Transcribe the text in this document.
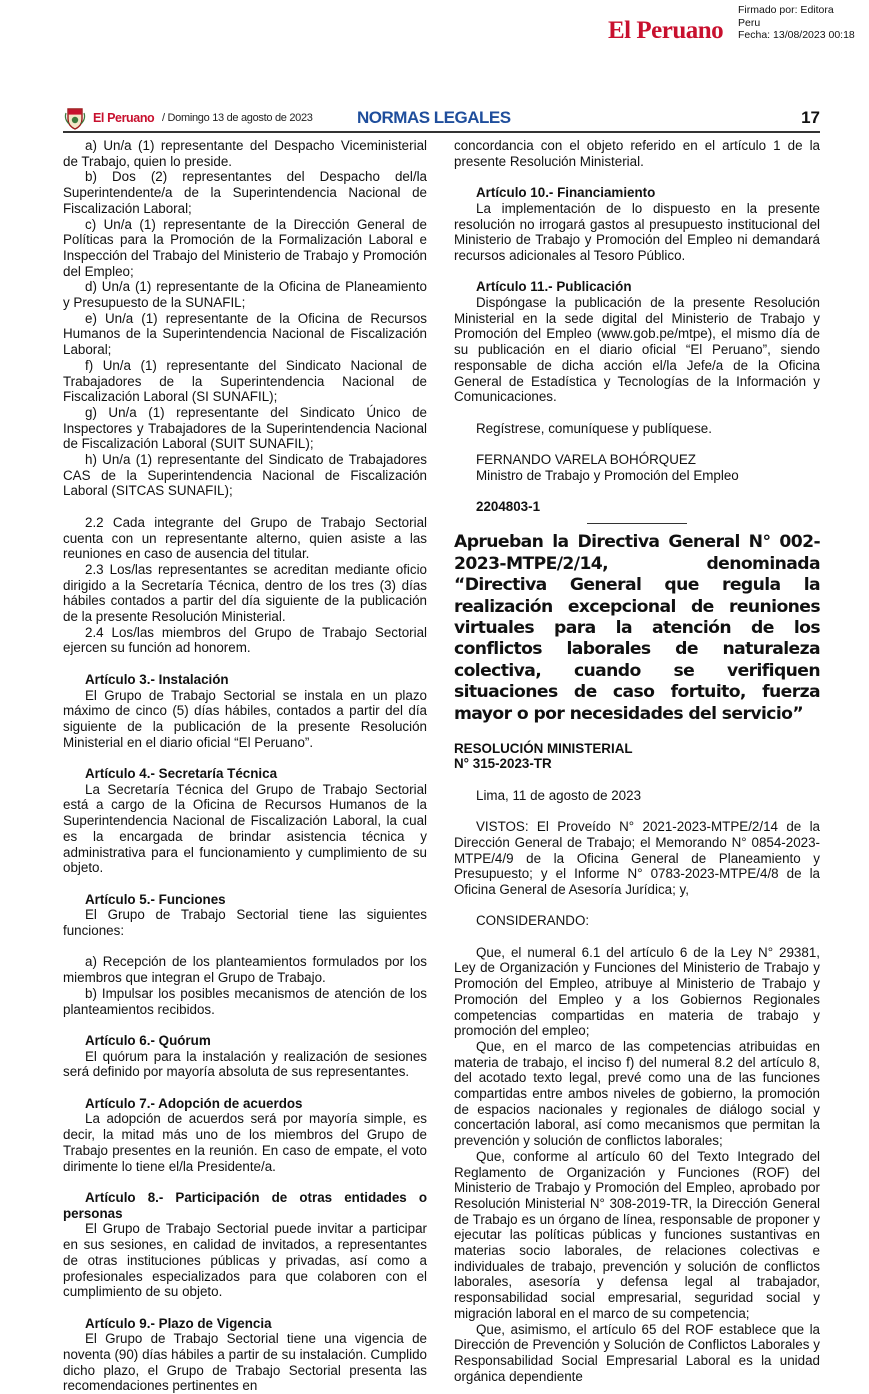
El Peruano
Firmado por: Editora
Peru
Fecha: 13/08/2023 00:18
El Peruano / Domingo 13 de agosto de 2023	NORMAS LEGALES	17

a) Un/a (1) representante del Despacho Viceministerial de Trabajo, quien lo preside.

b) Dos (2) representantes del Despacho del/la Superintendente/a de la Superintendencia Nacional de Fiscalización Laboral;

c) Un/a (1) representante de la Dirección General de Políticas para la Promoción de la Formalización Laboral e Inspección del Trabajo del Ministerio de Trabajo y Promoción del Empleo;

d) Un/a (1) representante de la Oficina de Planeamiento y Presupuesto de la SUNAFIL;

e) Un/a (1) representante de la Oficina de Recursos Humanos de la Superintendencia Nacional de Fiscalización Laboral;

f) Un/a (1) representante del Sindicato Nacional de Trabajadores de la Superintendencia Nacional de Fiscalización Laboral (SI SUNAFIL);

g) Un/a (1) representante del Sindicato Único de Inspectores y Trabajadores de la Superintendencia Nacional de Fiscalización Laboral (SUIT SUNAFIL);

h) Un/a (1) representante del Sindicato de Trabajadores CAS de la Superintendencia Nacional de Fiscalización Laboral (SITCAS SUNAFIL);

2.2 Cada integrante del Grupo de Trabajo Sectorial cuenta con un representante alterno, quien asiste a las reuniones en caso de ausencia del titular.

2.3 Los/las representantes se acreditan mediante oficio dirigido a la Secretaría Técnica, dentro de los tres (3) días hábiles contados a partir del día siguiente de la publicación de la presente Resolución Ministerial.

2.4 Los/las miembros del Grupo de Trabajo Sectorial ejercen su función ad honorem.

Artículo 3.- Instalación

El Grupo de Trabajo Sectorial se instala en un plazo máximo de cinco (5) días hábiles, contados a partir del día siguiente de la publicación de la presente Resolución Ministerial en el diario oficial “El Peruano”.

Artículo 4.- Secretaría Técnica

La Secretaría Técnica del Grupo de Trabajo Sectorial está a cargo de la Oficina de Recursos Humanos de la Superintendencia Nacional de Fiscalización Laboral, la cual es la encargada de brindar asistencia técnica y administrativa para el funcionamiento y cumplimiento de su objeto.

Artículo 5.- Funciones

El Grupo de Trabajo Sectorial tiene las siguientes funciones:

a) Recepción de los planteamientos formulados por los miembros que integran el Grupo de Trabajo.

b) Impulsar los posibles mecanismos de atención de los planteamientos recibidos.

Artículo 6.- Quórum

El quórum para la instalación y realización de sesiones será definido por mayoría absoluta de sus representantes.

Artículo 7.- Adopción de acuerdos

La adopción de acuerdos será por mayoría simple, es decir, la mitad más uno de los miembros del Grupo de Trabajo presentes en la reunión. En caso de empate, el voto dirimente lo tiene el/la Presidente/a.

Artículo 8.- Participación de otras entidades o personas

El Grupo de Trabajo Sectorial puede invitar a participar en sus sesiones, en calidad de invitados, a representantes de otras instituciones públicas y privadas, así como a profesionales especializados para que colaboren con el cumplimiento de su objeto.

Artículo 9.- Plazo de Vigencia

El Grupo de Trabajo Sectorial tiene una vigencia de noventa (90) días hábiles a partir de su instalación. Cumplido dicho plazo, el Grupo de Trabajo Sectorial presenta las recomendaciones pertinentes en

concordancia con el objeto referido en el artículo 1 de la presente Resolución Ministerial.

Artículo 10.- Financiamiento

La implementación de lo dispuesto en la presente resolución no irrogará gastos al presupuesto institucional del Ministerio de Trabajo y Promoción del Empleo ni demandará recursos adicionales al Tesoro Público.

Artículo 11.- Publicación

Dispóngase la publicación de la presente Resolución Ministerial en la sede digital del Ministerio de Trabajo y Promoción del Empleo (www.gob.pe/mtpe), el mismo día de su publicación en el diario oficial “El Peruano”, siendo responsable de dicha acción el/la Jefe/a de la Oficina General de Estadística y Tecnologías de la Información y Comunicaciones.

Regístrese, comuníquese y publíquese.

FERNANDO VARELA BOHÓRQUEZ

Ministro de Trabajo y Promoción del Empleo

2204803-1

Aprueban la Directiva General N° 002-2023-MTPE/2/14, denominada “Directiva General que regula la realización excepcional de reuniones virtuales para la atención de los conflictos laborales de naturaleza colectiva, cuando se verifiquen situaciones de caso fortuito, fuerza mayor o por necesidades del servicio”

RESOLUCIÓN MINISTERIAL

N° 315-2023-TR

Lima, 11 de agosto de 2023

VISTOS: El Proveído N° 2021-2023-MTPE/2/14 de la Dirección General de Trabajo; el Memorando N° 0854-2023-MTPE/4/9 de la Oficina General de Planeamiento y Presupuesto; y el Informe N° 0783-2023-MTPE/4/8 de la Oficina General de Asesoría Jurídica; y,

CONSIDERANDO:

Que, el numeral 6.1 del artículo 6 de la Ley N° 29381, Ley de Organización y Funciones del Ministerio de Trabajo y Promoción del Empleo, atribuye al Ministerio de Trabajo y Promoción del Empleo y a los Gobiernos Regionales competencias compartidas en materia de trabajo y promoción del empleo;

Que, en el marco de las competencias atribuidas en materia de trabajo, el inciso f) del numeral 8.2 del artículo 8, del acotado texto legal, prevé como una de las funciones compartidas entre ambos niveles de gobierno, la promoción de espacios nacionales y regionales de diálogo social y concertación laboral, así como mecanismos que permitan la prevención y solución de conflictos laborales;

Que, conforme al artículo 60 del Texto Integrado del Reglamento de Organización y Funciones (ROF) del Ministerio de Trabajo y Promoción del Empleo, aprobado por Resolución Ministerial N° 308-2019-TR, la Dirección General de Trabajo es un órgano de línea, responsable de proponer y ejecutar las políticas públicas y funciones sustantivas en materias socio laborales, de relaciones colectivas e individuales de trabajo, prevención y solución de conflictos laborales, asesoría y defensa legal al trabajador, responsabilidad social empresarial, seguridad social y migración laboral en el marco de su competencia;

Que, asimismo, el artículo 65 del ROF establece que la Dirección de Prevención y Solución de Conflictos Laborales y Responsabilidad Social Empresarial Laboral es la unidad orgánica dependiente
